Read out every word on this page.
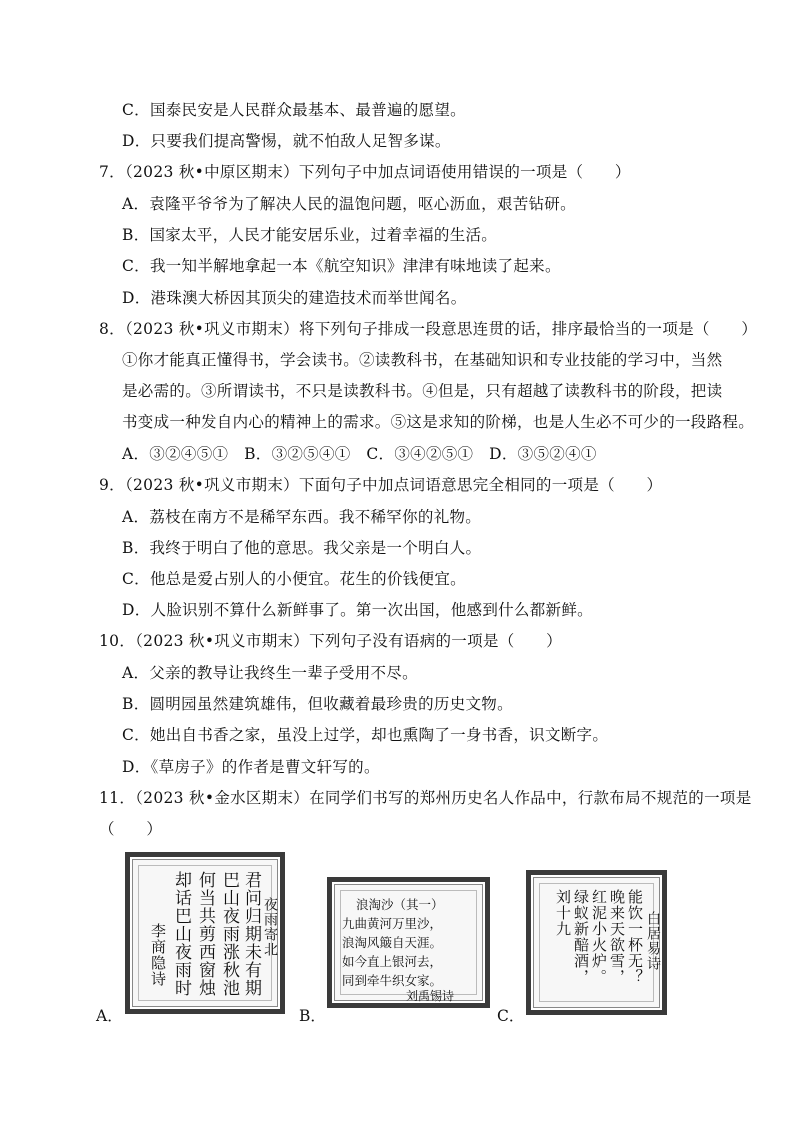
C．国泰民安是人民群众最基本、最普遍的愿望。
D．只要我们提高警惕，就不怕敌人足智多谋。
7．（2023 秋•中原区期末）下列句子中加点词语使用错误的一项是（　　）
A．袁隆平爷爷为了解决人民的温饱问题，呕心沥血，艰苦钻研。
B．国家太平，人民才能安居乐业，过着幸福的生活。
C．我一知半解地拿起一本《航空知识》津津有味地读了起来。
D．港珠澳大桥因其顶尖的建造技术而举世闻名。
8．（2023 秋•巩义市期末）将下列句子排成一段意思连贯的话，排序最恰当的一项是（　　）
①你才能真正懂得书，学会读书。②读教科书，在基础知识和专业技能的学习中，当然
是必需的。③所谓读书，不只是读教科书。④但是，只有超越了读教科书的阶段，把读
书变成一种发自内心的精神上的需求。⑤这是求知的阶梯，也是人生必不可少的一段路程。
A．③②④⑤①　B．③②⑤④①　C．③④②⑤①　D．③⑤②④①
9．（2023 秋•巩义市期末）下面句子中加点词语意思完全相同的一项是（　　）
A．荔枝在南方不是稀罕东西。我不稀罕你的礼物。
B．我终于明白了他的意思。我父亲是一个明白人。
C．他总是爱占别人的小便宜。花生的价钱便宜。
D．人脸识别不算什么新鲜事了。第一次出国，他感到什么都新鲜。
10．（2023 秋•巩义市期末）下列句子没有语病的一项是（　　）
A．父亲的教导让我终生一辈子受用不尽。
B．圆明园虽然建筑雄伟，但收藏着最珍贵的历史文物。
C．她出自书香之家，虽没上过学，却也熏陶了一身书香，识文断字。
D．《草房子》的作者是曹文轩写的。
11．（2023 秋•金水区期末）在同学们书写的郑州历史名人作品中，行款布局不规范的一项是
（　　）
A．
君问归期未有期
巴山夜雨涨秋池
何当共剪西窗烛
却话巴山夜雨时
李商隐诗	夜雨寄北
B．
浪淘沙（其一）
九曲黄河万里沙，
浪淘风簸自天涯。
如今直上银河去，
同到牵牛织女家。
刘禹锡诗
C．
能饮一杯无？
晚来天欲雪，
红泥小火炉。
绿蚁新醅酒，
刘十九	白居易诗
